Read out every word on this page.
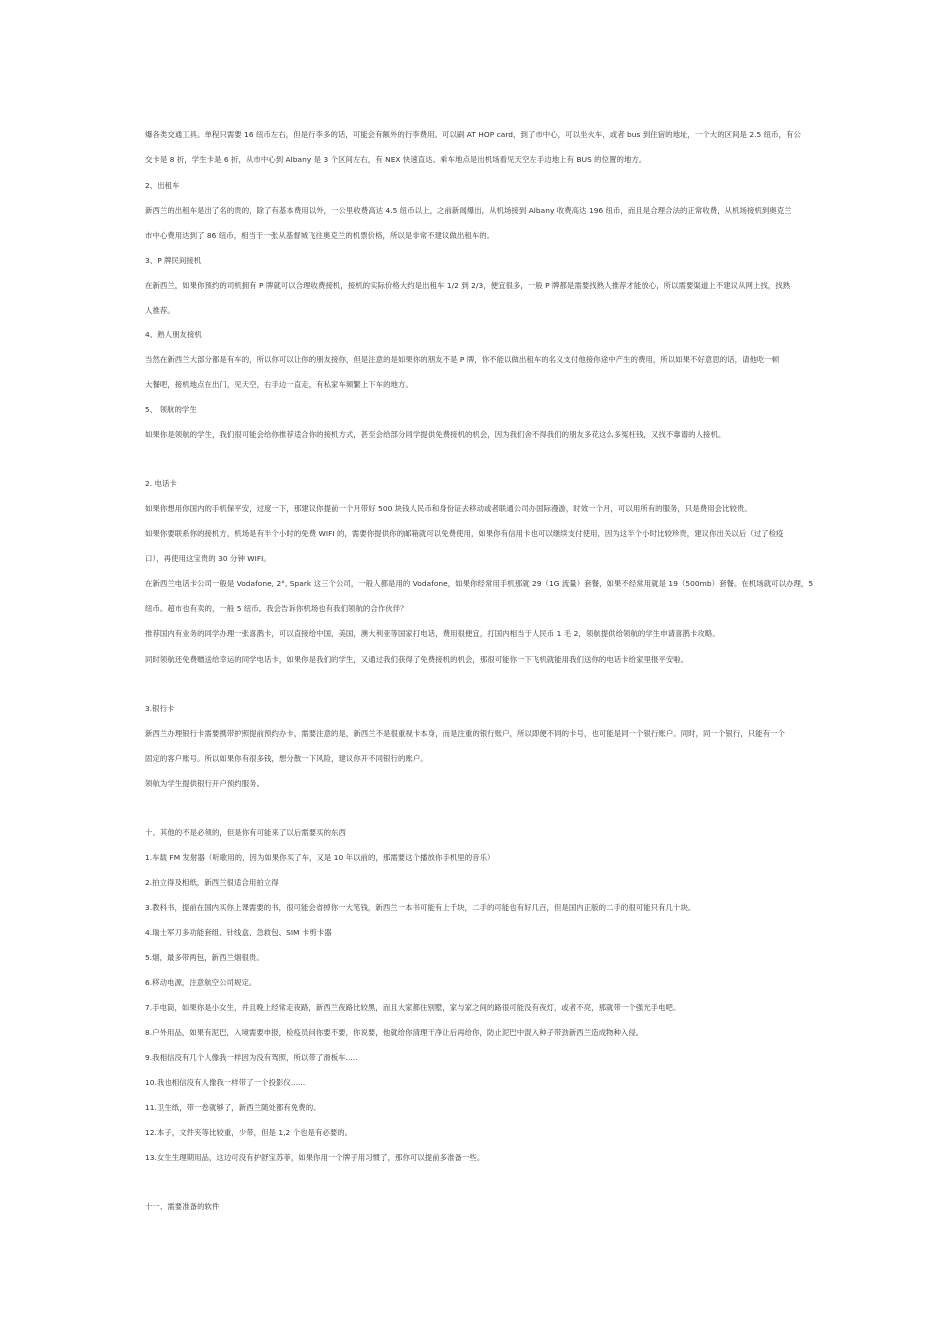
爆各类交通工具。单程只需要 16 纽币左右，但是行李多的话，可能会有额外的行李费用。可以刷 AT HOP card，到了市中心，可以坐火车，或者 bus 到住宿的地址，一个大的区间是 2.5 纽币，有公
交卡是 8 折，学生卡是 6 折，从市中心到 Albany 是 3 个区间左右，有 NEX 快速直达。乘车地点是出机场看见天空左手边地上有 BUS 的位置的地方。
2、出租车
新西兰的出租车是出了名的贵的，除了有基本费用以外，一公里收费高达 4.5 纽币以上，之前新闻爆出，从机场接到 Albany 收费高达 196 纽币，而且是合理合法的正常收费，从机场接机到奥克兰
市中心费用达到了 86 纽币，相当于一张从基督城飞往奥克兰的机票价格，所以是非常不建议做出租车的。
3、P 牌民间接机
在新西兰，如果你预约的司机拥有 P 牌就可以合理收费接机，接机的实际价格大约是出租车 1/2 到 2/3，便宜很多，一般 P 牌都是需要找熟人推荐才能放心，所以需要渠道上不建议从网上找，找熟
人推荐。
4、熟人朋友接机
当然在新西兰大部分都是有车的，所以你可以让你的朋友接你，但是注意的是如果你的朋友不是 P 牌，你不能以做出租车的名义支付他接你途中产生的费用，所以如果不好意思的话，请他吃一顿
大餐吧，接机地点在出门，见天空，右手边一直走，有私家车频繁上下车的地方。
5、 领航的学生
如果你是领航的学生，我们很可能会给你推荐适合你的接机方式，甚至会给部分同学提供免费接机的机会，因为我们舍不得我们的朋友多花这么多冤枉钱，又找不靠谱的人接机。
2. 电话卡
如果你想用你国内的手机保平安，过度一下，那建议你提前一个月带好 500 块钱人民币和身份证去移动或者联通公司办国际漫游，时效一个月，可以用所有的服务，只是费用会比较贵。
如果你要联系你的接机方，机场是有半个小时的免费 WIFI 的，需要你提供你的邮箱就可以免费使用，如果你有信用卡也可以继续支付使用，因为这半个小时比较珍贵，建议你出关以后（过了检疫
口），再使用这宝贵的 30 分钟 WIFI。
在新西兰电话卡公司一般是 Vodafone, 2°, Spark 这三个公司，一般人都是用的 Vodafone，如果你经常用手机那就 29（1G 流量）套餐，如果不经常用就是 19（500mb）套餐。在机场就可以办理，5
纽币。超市也有卖的，一般 5 纽币。我会告诉你机场也有我们领航的合作伙伴？
推荐国内有业务的同学办理一张喜鹊卡，可以直接给中国，美国，澳大利亚等国家打电话，费用很便宜，打国内相当于人民币 1 毛 2，领航提供给领航的学生申请喜鹊卡攻略。
同时领航还免费赠送给幸运的同学电话卡，如果你是我们的学生，又通过我们获得了免费接机的机会，那很可能你一下飞机就能用我们送你的电话卡给家里报平安啦。
3.银行卡
新西兰办理银行卡需要携带护照提前预约办卡，需要注意的是，新西兰不是很重视卡本身，而是注重的银行账户，所以即便不同的卡号，也可能是同一个银行账户。同时，同一个银行，只能有一个
固定的客户账号。所以如果你有很多钱，想分散一下风险，建议你开不同银行的账户。
领航为学生提供银行开户预约服务。
十、其他的不是必须的，但是你有可能来了以后需要买的东西
1.车载 FM 发射器（听歌用的，因为如果你买了车，又是 10 年以前的，那需要这个播放你手机里的音乐）
2.拍立得及相纸，新西兰很适合用拍立得
3.教科书，提前在国内买你上课需要的书，很可能会省掉你一大笔钱，新西兰一本书可能有上千块，二手的可能也有好几百，但是国内正版的二手的很可能只有几十块。
4.瑞士军刀多功能套组、针线盒、急救包、SIM 卡剪卡器
5.烟，最多带两包，新西兰烟很贵。
6.移动电源，注意航空公司规定。
7.手电筒，如果你是小女生，并且晚上经常走夜路，新西兰夜路比较黑，而且大家都住别墅，家与家之间的路很可能没有夜灯，或者不亮，那就带一个强光手电吧。
8.户外用品，如果有泥巴，入境需要申报，检疫员问你要不要，你说要，他就给你清理干净让后再给你，防止泥巴中混入种子带劲新西兰造成物种入侵。
9.我相信没有几个人像我一样因为没有驾照，所以带了滑板车.....
10.我也相信没有人像我一样带了一个投影仪......
11.卫生纸，带一卷就够了，新西兰随处都有免费的。
12.本子，文件夹等比较重，少带，但是 1,2 个也是有必要的。
13.女生生理期用品，这边可没有护舒宝苏菲，如果你用一个牌子用习惯了，那你可以提前多准备一些。
十一、需要准备的软件
